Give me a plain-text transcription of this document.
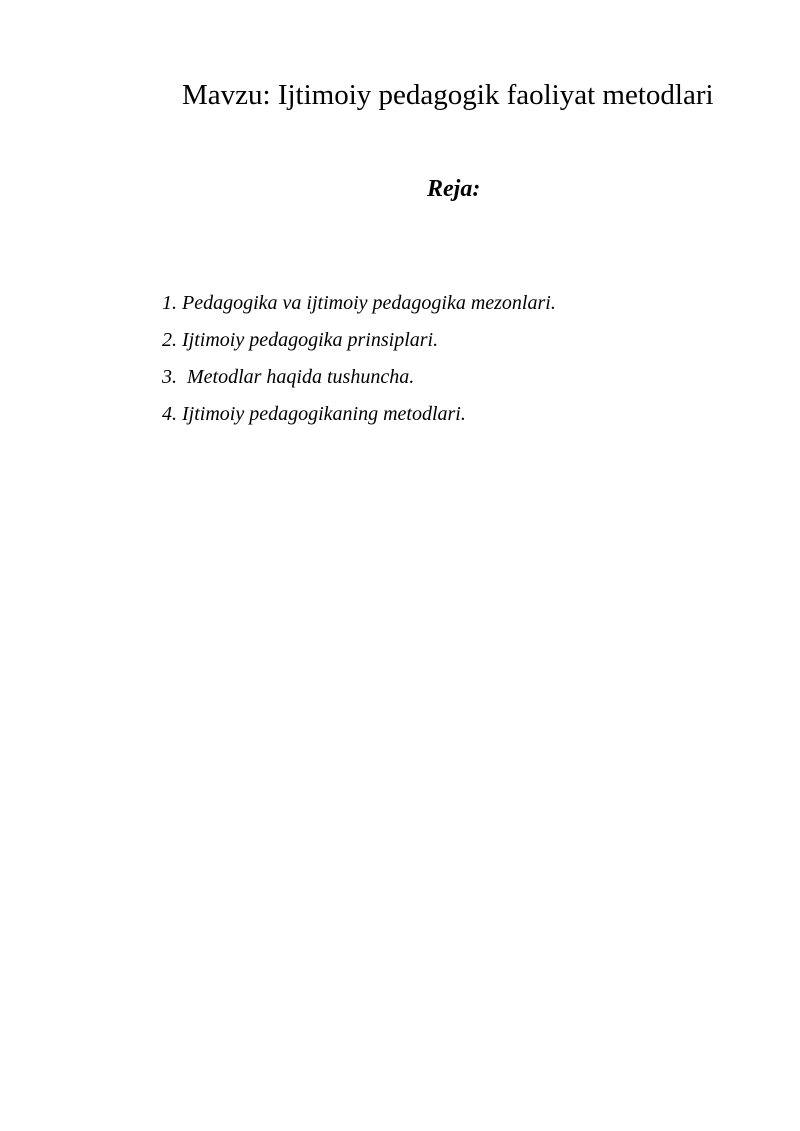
Mavzu: Ijtimoiy pedagogik faoliyat metodlari
Reja:
1. Pedagogika va ijtimoiy pedagogika mezonlari.
2. Ijtimoiy pedagogika prinsiplari.
3.  Metodlar haqida tushuncha.
4. Ijtimoiy pedagogikaning metodlari.
